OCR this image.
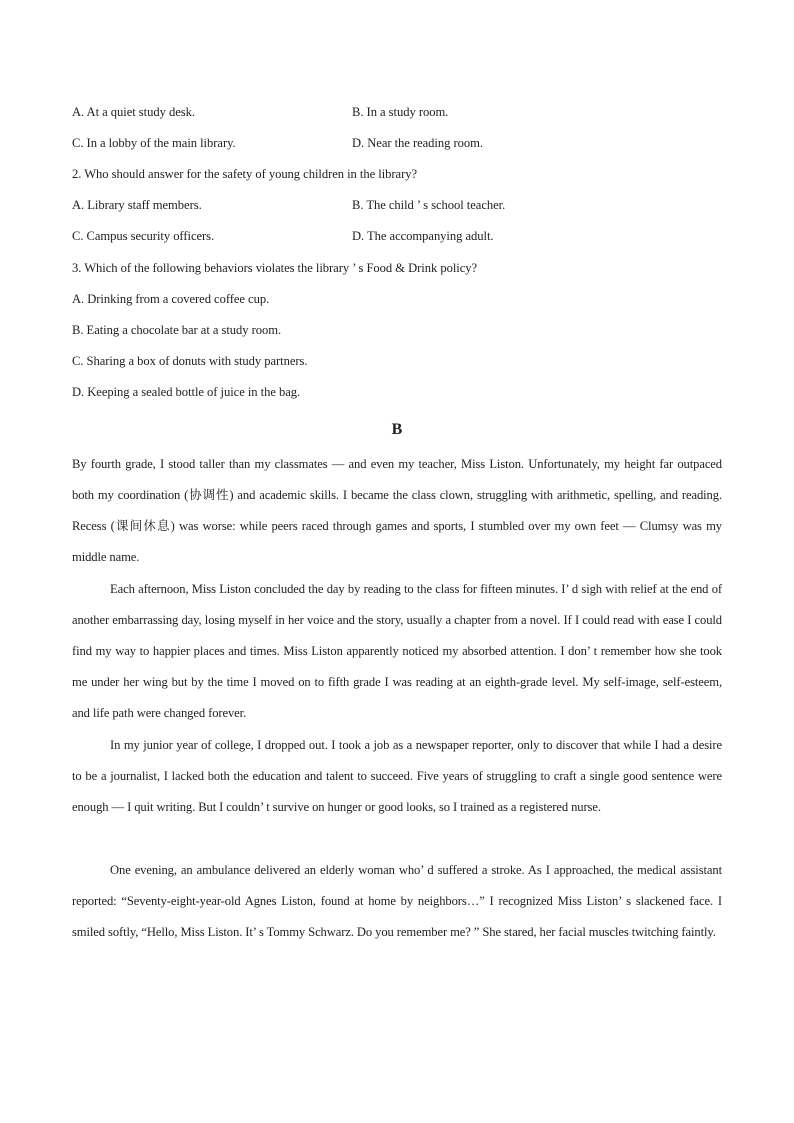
A. At a quiet study desk.	B. In a study room.
C. In a lobby of the main library.	D. Near the reading room.
2. Who should answer for the safety of young children in the library?
A. Library staff members.	B. The child ’ s school teacher.
C. Campus security officers.	D. The accompanying adult.
3. Which of the following behaviors violates the library ’ s Food & Drink policy?
A. Drinking from a covered coffee cup.
B. Eating a chocolate bar at a study room.
C. Sharing a box of donuts with study partners.
D. Keeping a sealed bottle of juice in the bag.
B
By fourth grade, I stood taller than my classmates — and even my teacher, Miss Liston. Unfortunately, my height far outpaced both my coordination (协调性) and academic skills. I became the class clown, struggling with arithmetic, spelling, and reading. Recess (课间休息) was worse: while peers raced through games and sports, I stumbled over my own feet — Clumsy was my middle name.
Each afternoon, Miss Liston concluded the day by reading to the class for fifteen minutes. I’ d sigh with relief at the end of another embarrassing day, losing myself in her voice and the story, usually a chapter from a novel. If I could read with ease I could find my way to happier places and times. Miss Liston apparently noticed my absorbed attention. I don’ t remember how she took me under her wing but by the time I moved on to fifth grade I was reading at an eighth-grade level. My self-image, self-esteem, and life path were changed forever.
In my junior year of college, I dropped out. I took a job as a newspaper reporter, only to discover that while I had a desire to be a journalist, I lacked both the education and talent to succeed. Five years of struggling to craft a single good sentence were enough — I quit writing. But I couldn’ t survive on hunger or good looks, so I trained as a registered nurse.
One evening, an ambulance delivered an elderly woman who’ d suffered a stroke. As I approached, the medical assistant reported: “Seventy-eight-year-old Agnes Liston, found at home by neighbors…” I recognized Miss Liston’ s slackened face. I smiled softly, “Hello, Miss Liston. It’ s Tommy Schwarz. Do you remember me? ” She stared, her facial muscles twitching faintly.
